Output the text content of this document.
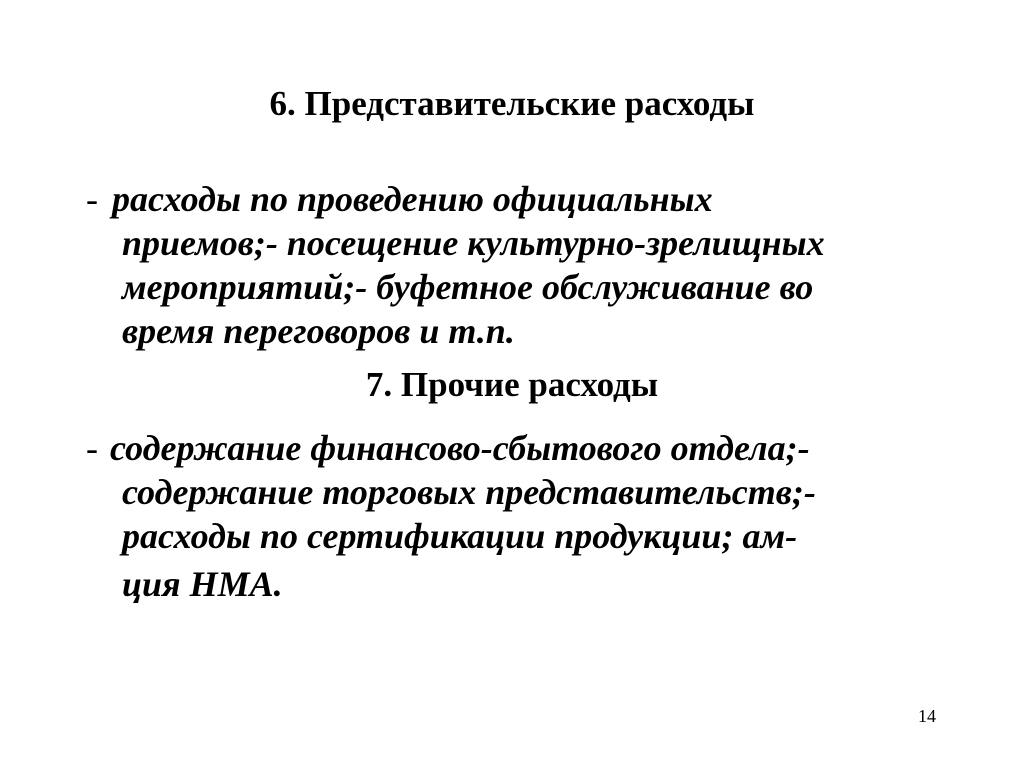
6. Представительские расходы
- расходы по проведению официальных
приемов;- посещение культурно-зрелищных
мероприятий;- буфетное обслуживание во
время переговоров и т.п.
7. Прочие расходы
- содержание финансово-сбытового отдела;-
содержание торговых представительств;-
расходы по сертификации продукции; ам-
ция НМА.
14
